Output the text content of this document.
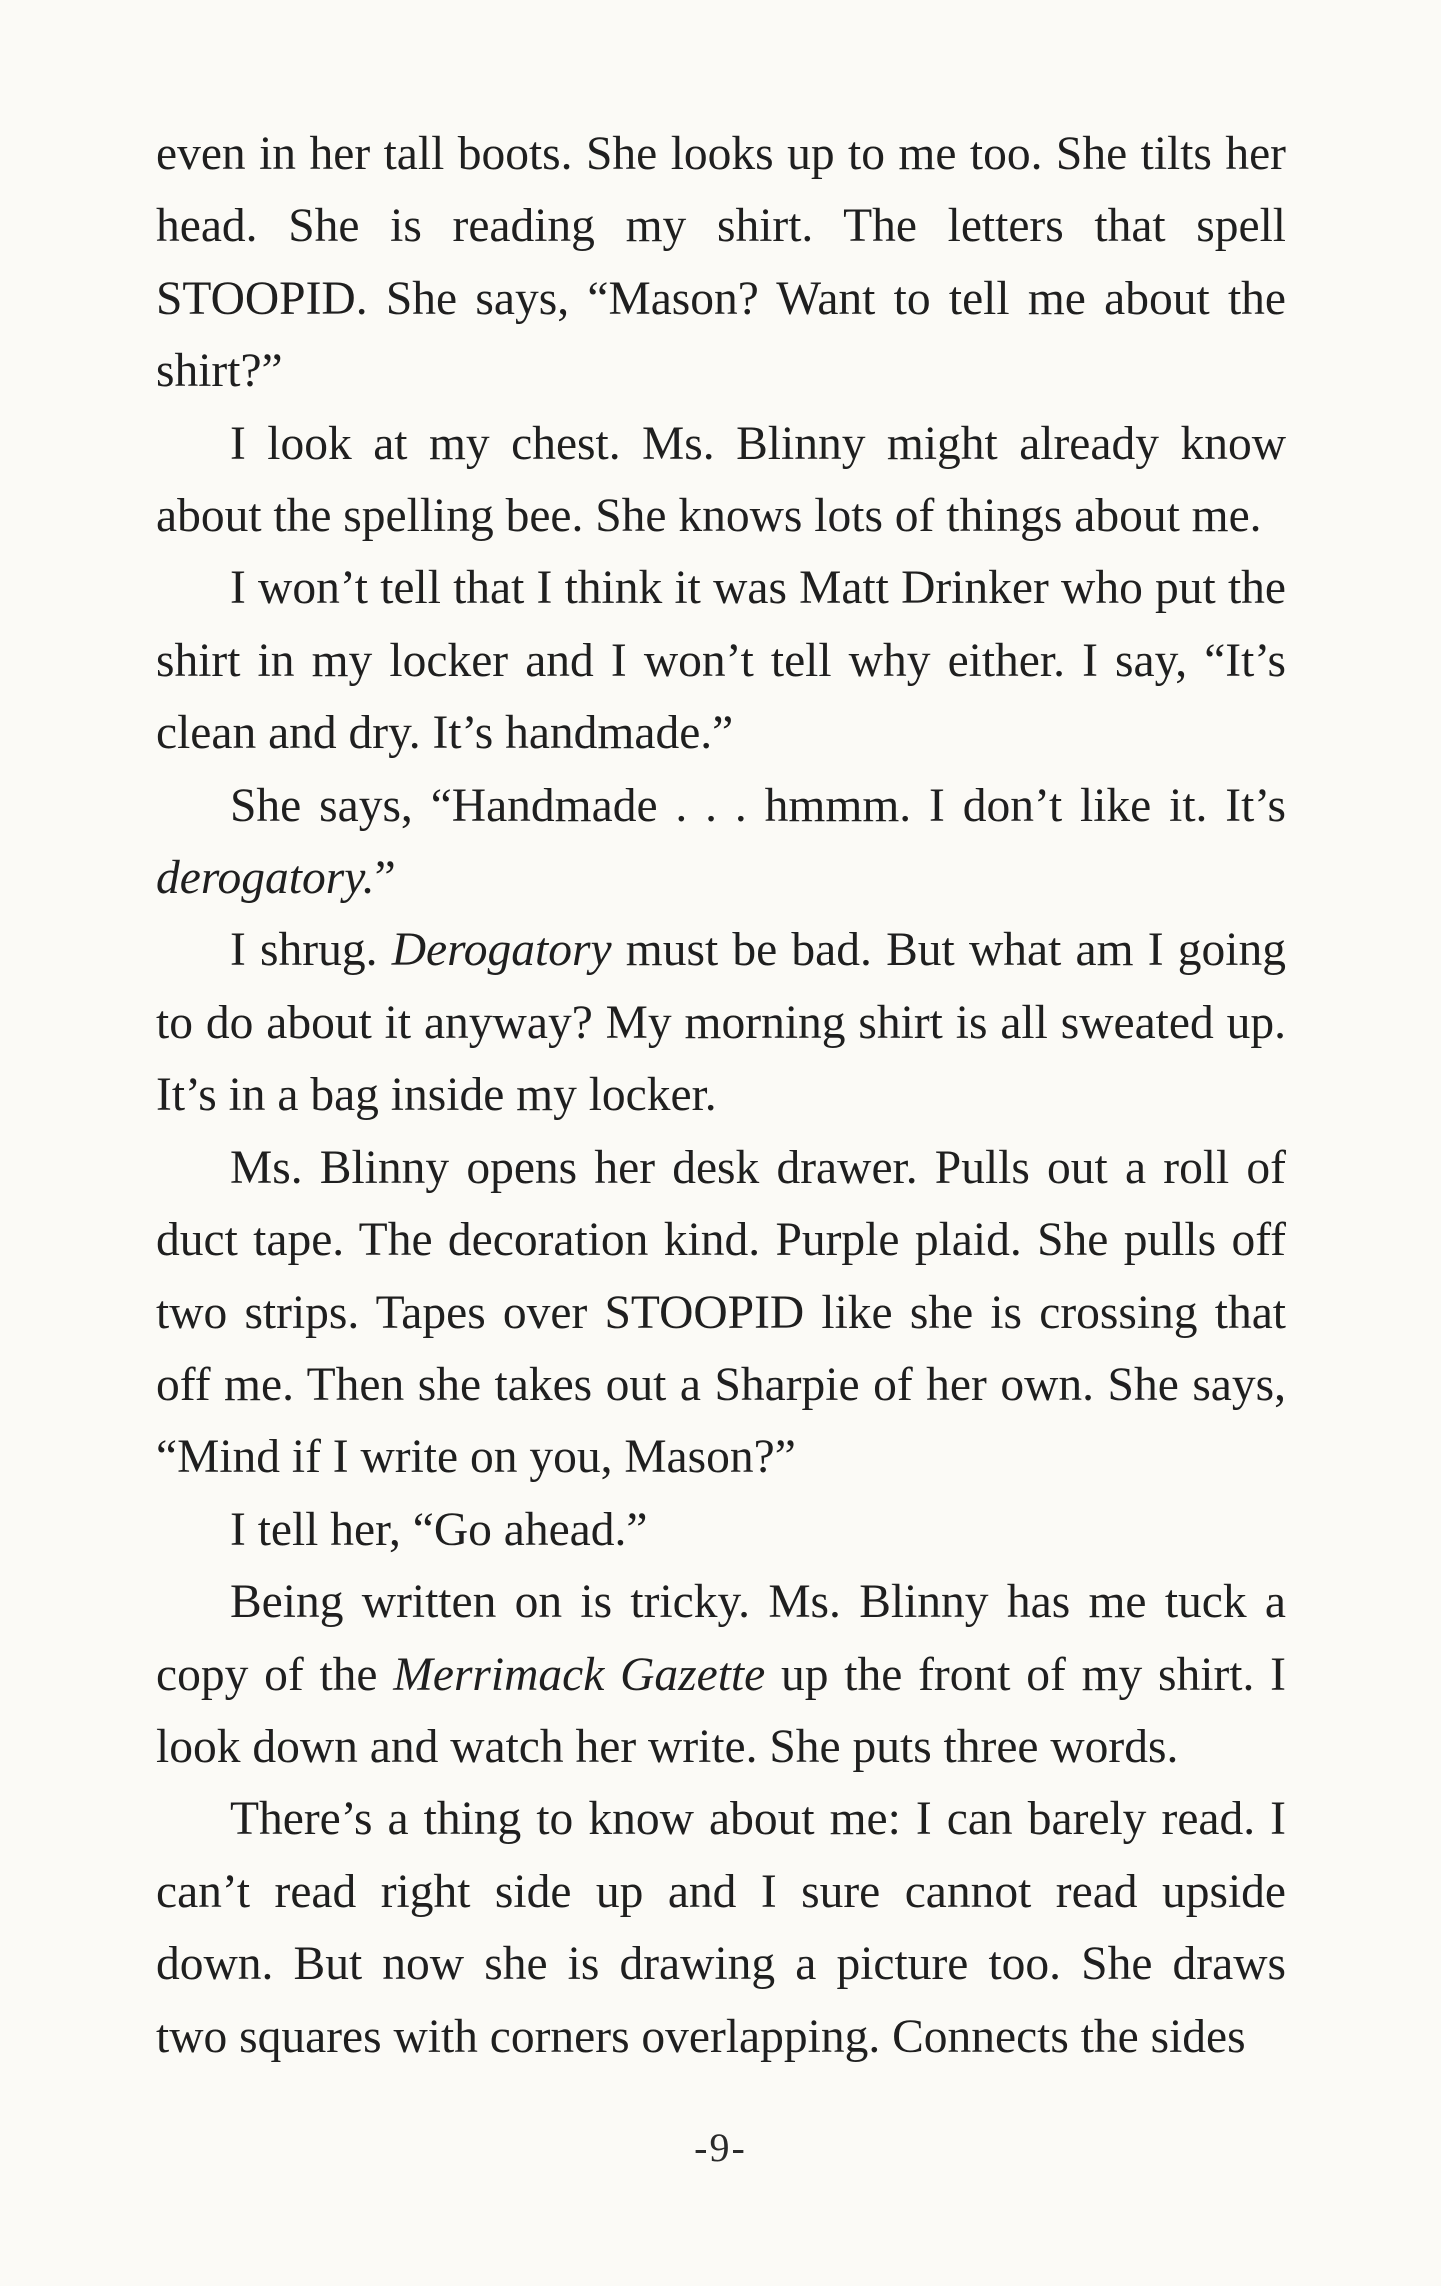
even in her tall boots. She looks up to me too. She tilts her head. She is reading my shirt. The letters that spell STOOPID. She says, “Mason? Want to tell me about the shirt?”

I look at my chest. Ms. Blinny might already know about the spelling bee. She knows lots of things about me.

I won’t tell that I think it was Matt Drinker who put the shirt in my locker and I won’t tell why either. I say, “It’s clean and dry. It’s handmade.”

She says, “Handmade . . . hmmm. I don’t like it. It’s derogatory.”

I shrug. Derogatory must be bad. But what am I going to do about it anyway? My morning shirt is all sweated up. It’s in a bag inside my locker.

Ms. Blinny opens her desk drawer. Pulls out a roll of duct tape. The decoration kind. Purple plaid. She pulls off two strips. Tapes over STOOPID like she is crossing that off me. Then she takes out a Sharpie of her own. She says, “Mind if I write on you, Mason?”

I tell her, “Go ahead.”

Being written on is tricky. Ms. Blinny has me tuck a copy of the Merrimack Gazette up the front of my shirt. I look down and watch her write. She puts three words.

There’s a thing to know about me: I can barely read. I can’t read right side up and I sure cannot read upside down. But now she is drawing a picture too. She draws two squares with corners overlapping. Connects the sides

-9-
